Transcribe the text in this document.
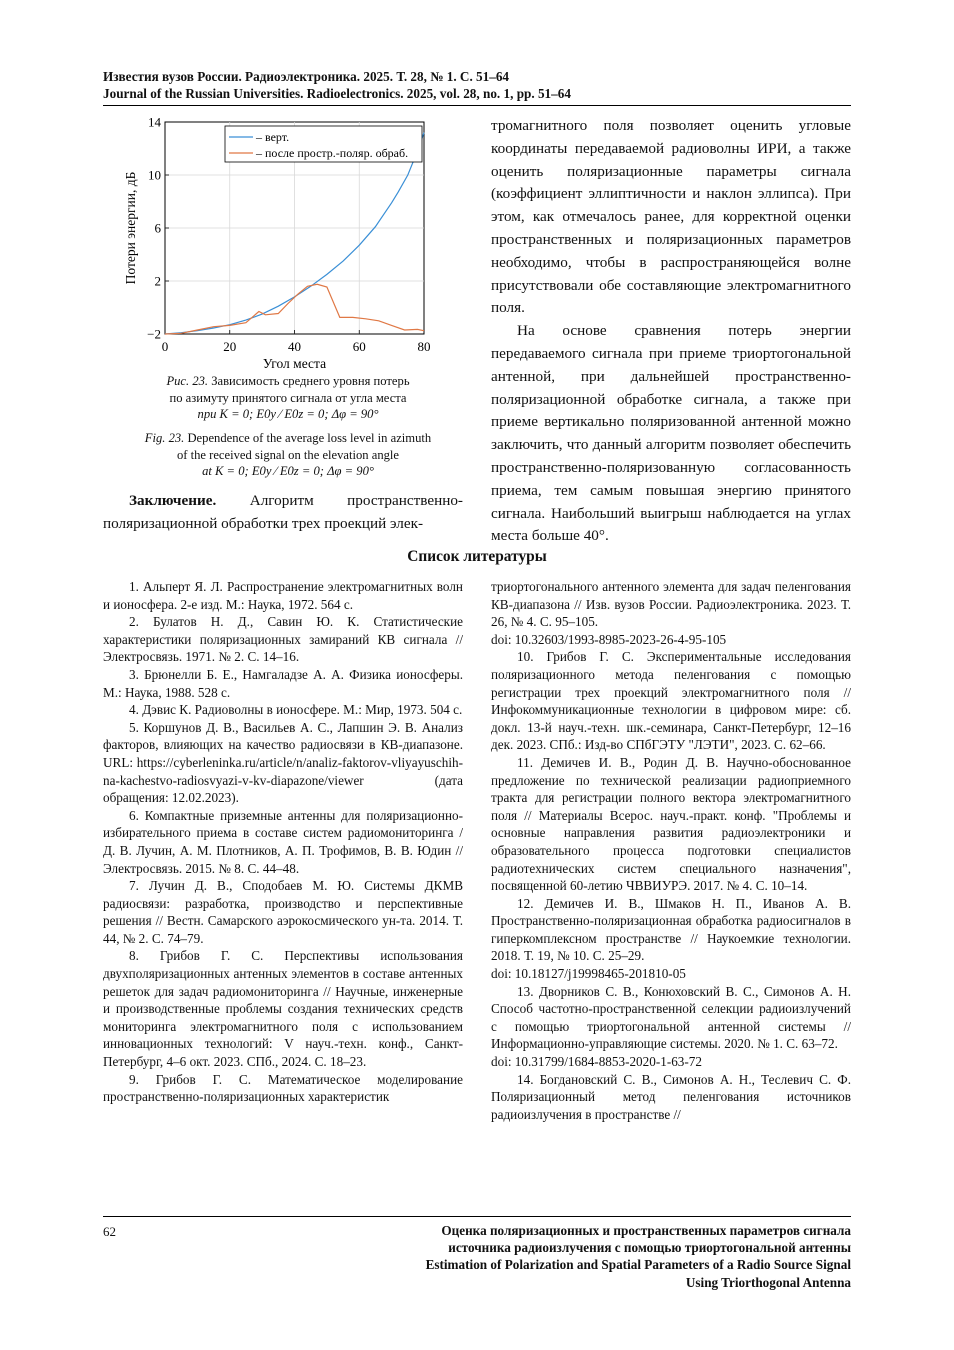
Известия вузов России. Радиоэлектроника. 2025. Т. 28, № 1. С. 51–64
Journal of the Russian Universities. Radioelectronics. 2025, vol. 28, no. 1, pp. 51–64
0	20	40	60	80
−2
2
6
10
14
– верт.
– после простр.-поляр. обраб.
Потери энергии, дБ
Угол места
Рис. 23. Зависимость среднего уровня потерь
по азимуту принятого сигнала от угла места
при K = 0; E0y ⁄ E0z = 0; Δφ = 90°
Fig. 23. Dependence of the average loss level in azimuth
of the received signal on the elevation angle
at K = 0; E0y ⁄ E0z = 0; Δφ = 90°
Заключение. Алгоритм пространственно-поляризационной обработки трех проекций элек-

тромагнитного поля позволяет оценить угловые координаты передаваемой радиоволны ИРИ, а также оценить поляризационные параметры сигнала (коэффициент эллиптичности и наклон эллипса). При этом, как отмечалось ранее, для корректной оценки пространственных и поляризационных параметров необходимо, чтобы в распространяющейся волне присутствовали обе составляющие электромагнитного поля.

На основе сравнения потерь энергии передаваемого сигнала при приеме триортогональной антенной, при дальнейшей пространственно-поляризационной обработке сигнала, а также при приеме вертикально поляризованной антенной можно заключить, что данный алгоритм позволяет обеспечить пространственно-поляризованную согласованность приема, тем самым повышая энергию принятого сигнала. Наибольший выигрыш наблюдается на углах места больше 40°.

Список литературы

1. Альперт Я. Л. Распространение электромагнитных волн и ионосфера. 2-е изд. М.: Наука, 1972. 564 с.

2. Булатов Н. Д., Савин Ю. К. Статистические характеристики поляризационных замираний КВ сигнала // Электросвязь. 1971. № 2. С. 14–16.

3. Брюнелли Б. Е., Намгаладзе А. А. Физика ионосферы. М.: Наука, 1988. 528 с.

4. Дэвис К. Радиоволны в ионосфере. М.: Мир, 1973. 504 с.

5. Коршунов Д. В., Васильев А. С., Лапшин Э. В. Анализ факторов, влияющих на качество радиосвязи в КВ-диапазоне. URL: https://cyberleninka.ru/article/n/analiz-faktorov-vliyayuschih-na-kachestvo-radiosvyazi-v-kv-diapazone/viewer (дата обращения: 12.02.2023).

6. Компактные приземные антенны для поляризационно-избирательного приема в составе систем радиомониторинга / Д. В. Лучин, А. М. Плотников, А. П. Трофимов, В. В. Юдин // Электросвязь. 2015. № 8. С. 44–48.

7. Лучин Д. В., Сподобаев М. Ю. Системы ДКМВ радиосвязи: разработка, производство и перспективные решения // Вестн. Самарского аэрокосмического ун-та. 2014. Т. 44, № 2. С. 74–79.

8. Грибов Г. С. Перспективы использования двухполяризационных антенных элементов в составе антенных решеток для задач радиомониторинга // Научные, инженерные и производственные проблемы создания технических средств мониторинга электромагнитного поля с использованием инновационных технологий: V науч.-техн. конф., Санкт-Петербург, 4–6 окт. 2023. СПб., 2024. С. 18–23.

9. Грибов Г. С. Математическое моделирование пространственно-поляризационных характеристик

триортогонального антенного элемента для задач пеленгования КВ-диапазона // Изв. вузов России. Радиоэлектроника. 2023. Т. 26, № 4. С. 95–105.

doi: 10.32603/1993-8985-2023-26-4-95-105

10. Грибов Г. С. Экспериментальные исследования поляризационного метода пеленгования с помощью регистрации трех проекций электромагнитного поля // Инфокоммуникационные технологии в цифровом мире: сб. докл. 13-й науч.-техн. шк.-семинара, Санкт-Петербург, 12–16 дек. 2023. СПб.: Изд-во СПбГЭТУ "ЛЭТИ", 2023. С. 62–66.

11. Демичев И. В., Родин Д. В. Научно-обоснованное предложение по технической реализации радиоприемного тракта для регистрации полного вектора электромагнитного поля // Материалы Всерос. науч.-практ. конф. "Проблемы и основные направления развития радиоэлектроники и образовательного процесса подготовки специалистов радиотехнических систем специального назначения", посвященной 60-летию ЧВВИУРЭ. 2017. № 4. С. 10–14.

12. Демичев И. В., Шмаков Н. П., Иванов А. В. Пространственно-поляризационная обработка радиосигналов в гиперкомплексном пространстве // Наукоемкие технологии. 2018. Т. 19, № 10. С. 25–29.

doi: 10.18127/j19998465-201810-05

13. Дворников С. В., Конюховский В. С., Симонов А. Н. Способ частотно-пространственной селекции радиоизлучений с помощью триортогональной антенной системы // Информационно-управляющие системы. 2020. № 1. С. 63–72.

doi: 10.31799/1684-8853-2020-1-63-72

14. Богдановский С. В., Симонов А. Н., Теслевич С. Ф. Поляризационный метод пеленгования источников радиоизлучения в пространстве //

62	Оценка поляризационных и пространственных параметров сигнала
источника радиоизлучения с помощью триортогональной антенны
Estimation of Polarization and Spatial Parameters of a Radio Source Signal
Using Triorthogonal Antenna
